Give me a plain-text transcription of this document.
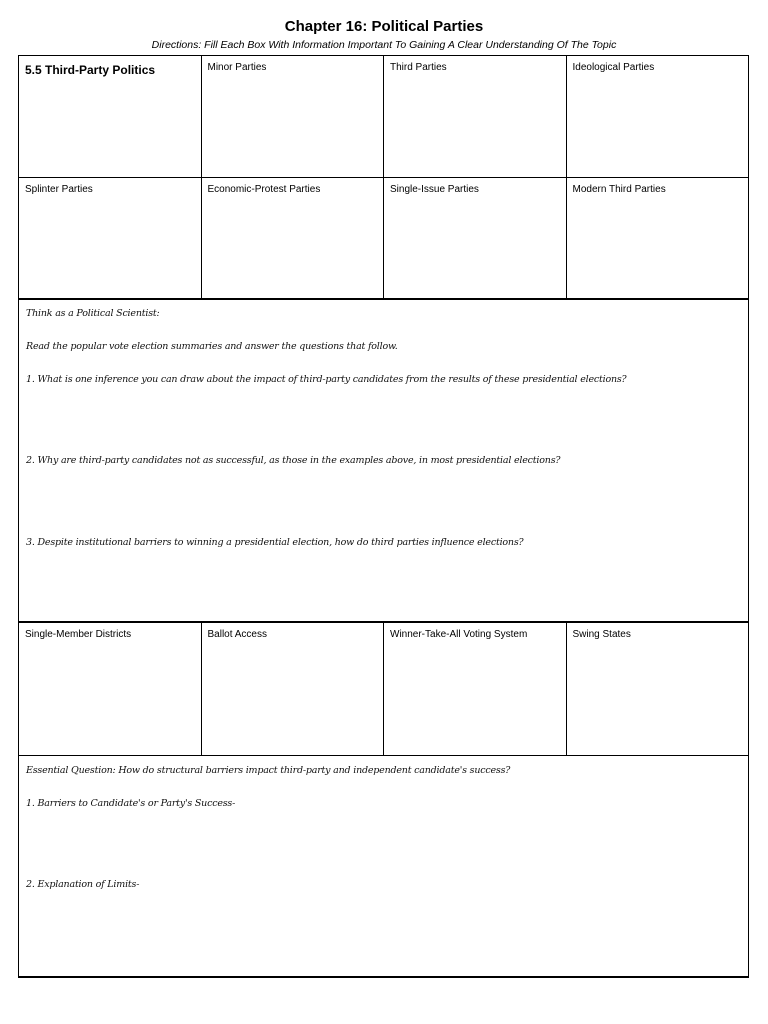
Chapter 16: Political Parties
Directions: Fill Each Box With Information Important To Gaining A Clear Understanding Of The Topic
5.5 Third-Party Politics	Minor Parties	Third Parties	Ideological Parties
Splinter Parties	Economic-Protest Parties	Single-Issue Parties	Modern Third Parties

Think as a Political Scientist:

Read the popular vote election summaries and answer the questions that follow.

1. What is one inference you can draw about the impact of third-party candidates from the results of these presidential elections?

2. Why are third-party candidates not as successful, as those in the examples above, in most presidential elections?

3. Despite institutional barriers to winning a presidential election, how do third parties influence elections?

Single-Member Districts	Ballot Access	Winner-Take-All Voting System	Swing States

Essential Question: How do structural barriers impact third-party and independent candidate's success?

1. Barriers to Candidate's or Party's Success-

2. Explanation of Limits-
